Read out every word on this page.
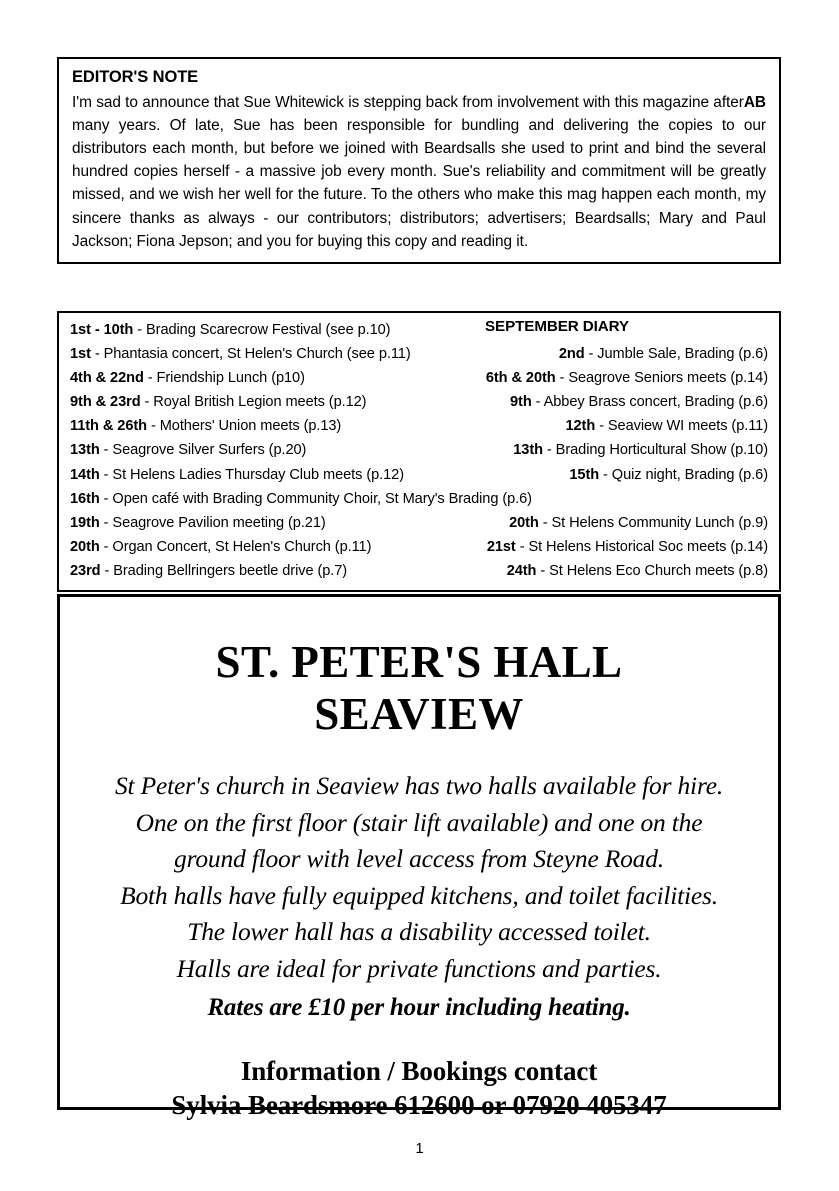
EDITOR'S NOTE
AB
I'm sad to announce that Sue Whitewick is stepping back from involvement with this magazine after many years. Of late, Sue has been responsible for bundling and delivering the copies to our distributors each month, but before we joined with Beardsalls she used to print and bind the several hundred copies herself - a massive job every month. Sue's reliability and commitment will be greatly missed, and we wish her well for the future. To the others who make this mag happen each month, my sincere thanks as always - our contributors; distributors; advertisers; Beardsalls; Mary and Paul Jackson; Fiona Jepson; and you for buying this copy and reading it.
SEPTEMBER DIARY
1st - 10th - Brading Scarecrow Festival (see p.10)
1st - Phantasia concert, St Helen's Church (see p.11)	2nd - Jumble Sale, Brading (p.6)
4th & 22nd - Friendship Lunch (p10)	6th & 20th - Seagrove Seniors meets (p.14)
9th & 23rd - Royal British Legion meets (p.12)	9th - Abbey Brass concert, Brading (p.6)
11th & 26th - Mothers' Union meets (p.13)	12th - Seaview WI meets (p.11)
13th - Seagrove Silver Surfers (p.20)	13th - Brading Horticultural Show (p.10)
14th - St Helens Ladies Thursday Club meets (p.12)	15th - Quiz night, Brading (p.6)
16th - Open café with Brading Community Choir, St Mary's Brading (p.6)
19th - Seagrove Pavilion meeting (p.21)	20th - St Helens Community Lunch (p.9)
20th - Organ Concert, St Helen's Church (p.11)	21st - St Helens Historical Soc meets (p.14)
23rd - Brading Bellringers beetle drive (p.7)	24th - St Helens Eco Church meets (p.8)
ST. PETER'S HALL
SEAVIEW
St Peter's church in Seaview has two halls available for hire.
One on the first floor (stair lift available) and one on the
ground floor with level access from Steyne Road.
Both halls have fully equipped kitchens, and toilet facilities.
The lower hall has a disability accessed toilet.
Halls are ideal for private functions and parties.
Rates are £10 per hour including heating.
Information / Bookings contact
Sylvia Beardsmore 612600 or 07920 405347
1
